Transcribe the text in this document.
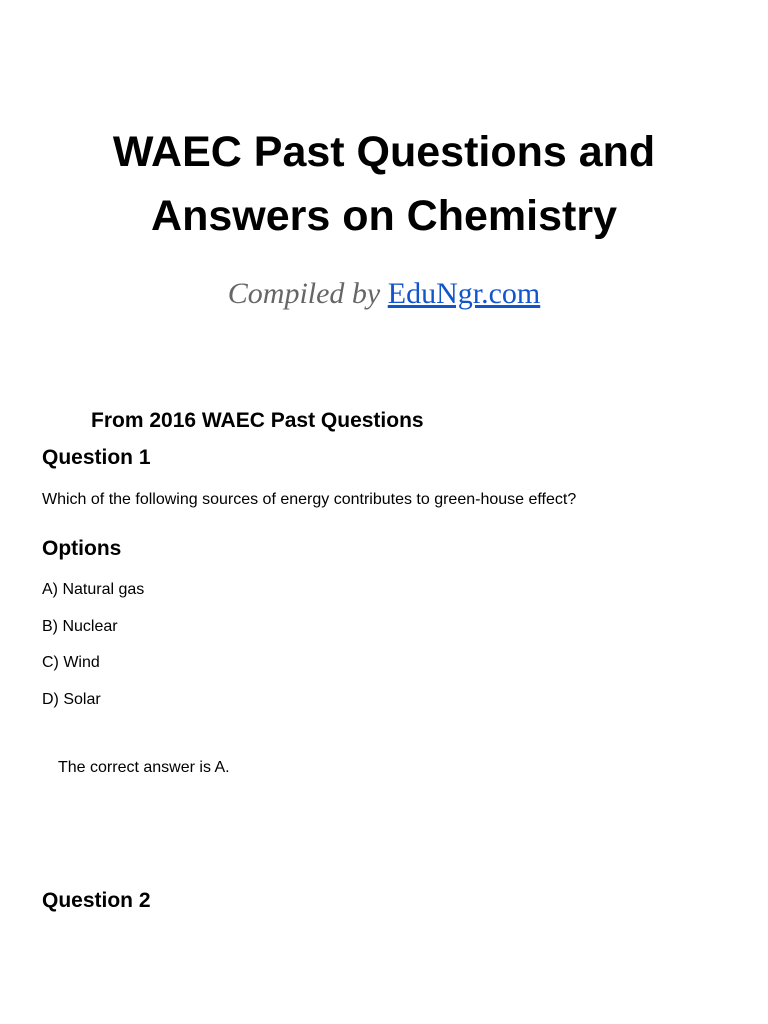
WAEC Past Questions and
Answers on Chemistry

Compiled by EduNgr.com

From 2016 WAEC Past Questions
Question 1

Which of the following sources of energy contributes to green-house effect?

Options

A) Natural gas

B) Nuclear

C) Wind

D) Solar

The correct answer is A.

Question 2
